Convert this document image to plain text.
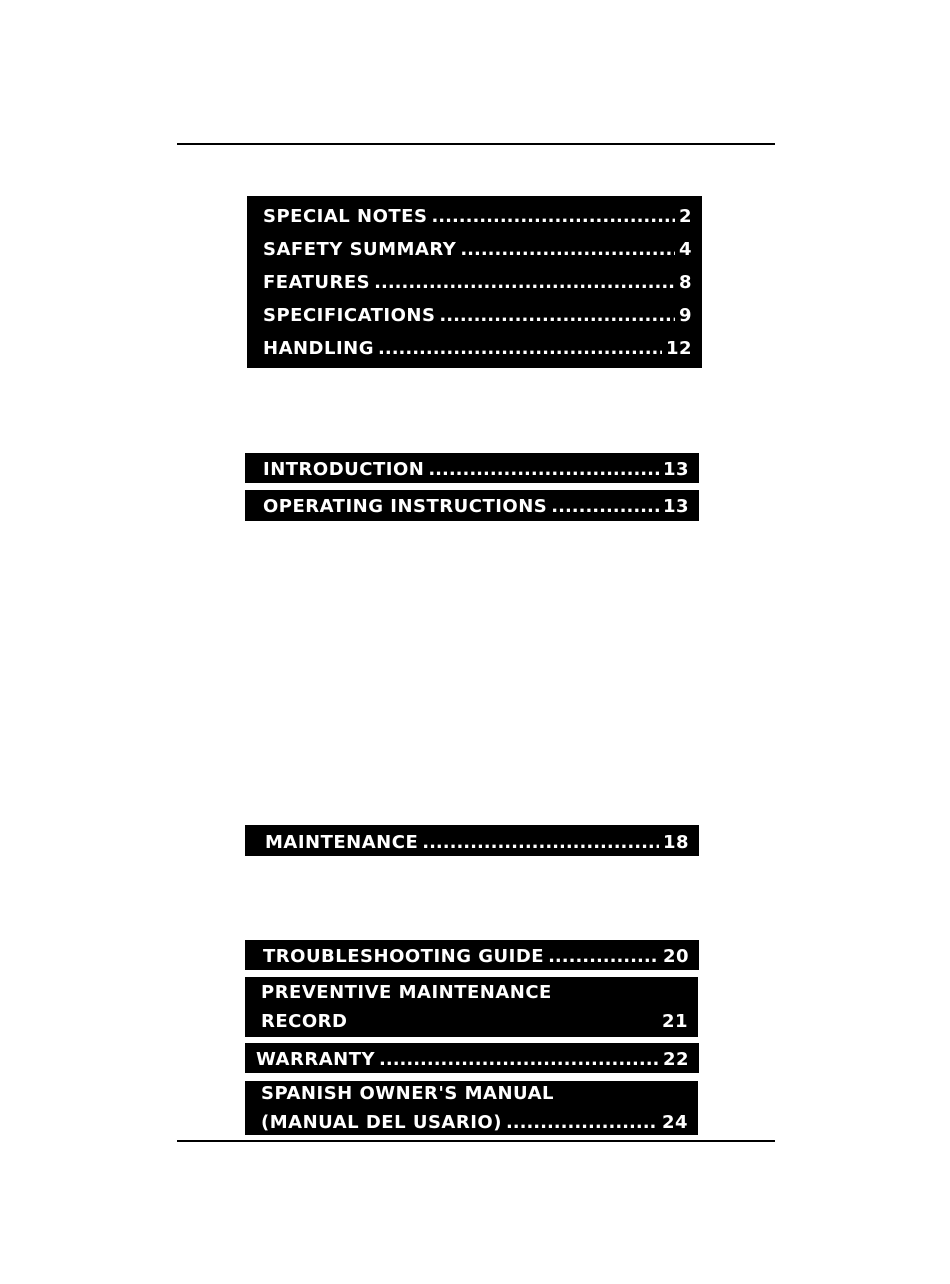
SPECIAL NOTES .....	2
SAFETY SUMMARY .....	4
FEATURES .....	8
SPECIFICATIONS .....	9
HANDLING .....	12
INTRODUCTION .....	13
OPERATING INSTRUCTIONS .....	13
MAINTENANCE .....	18
TROUBLESHOOTING GUIDE .....	20
PREVENTIVE MAINTENANCE
RECORD	21
WARRANTY .....	22
SPANISH OWNER'S MANUAL
(MANUAL DEL USARIO) .....	24
